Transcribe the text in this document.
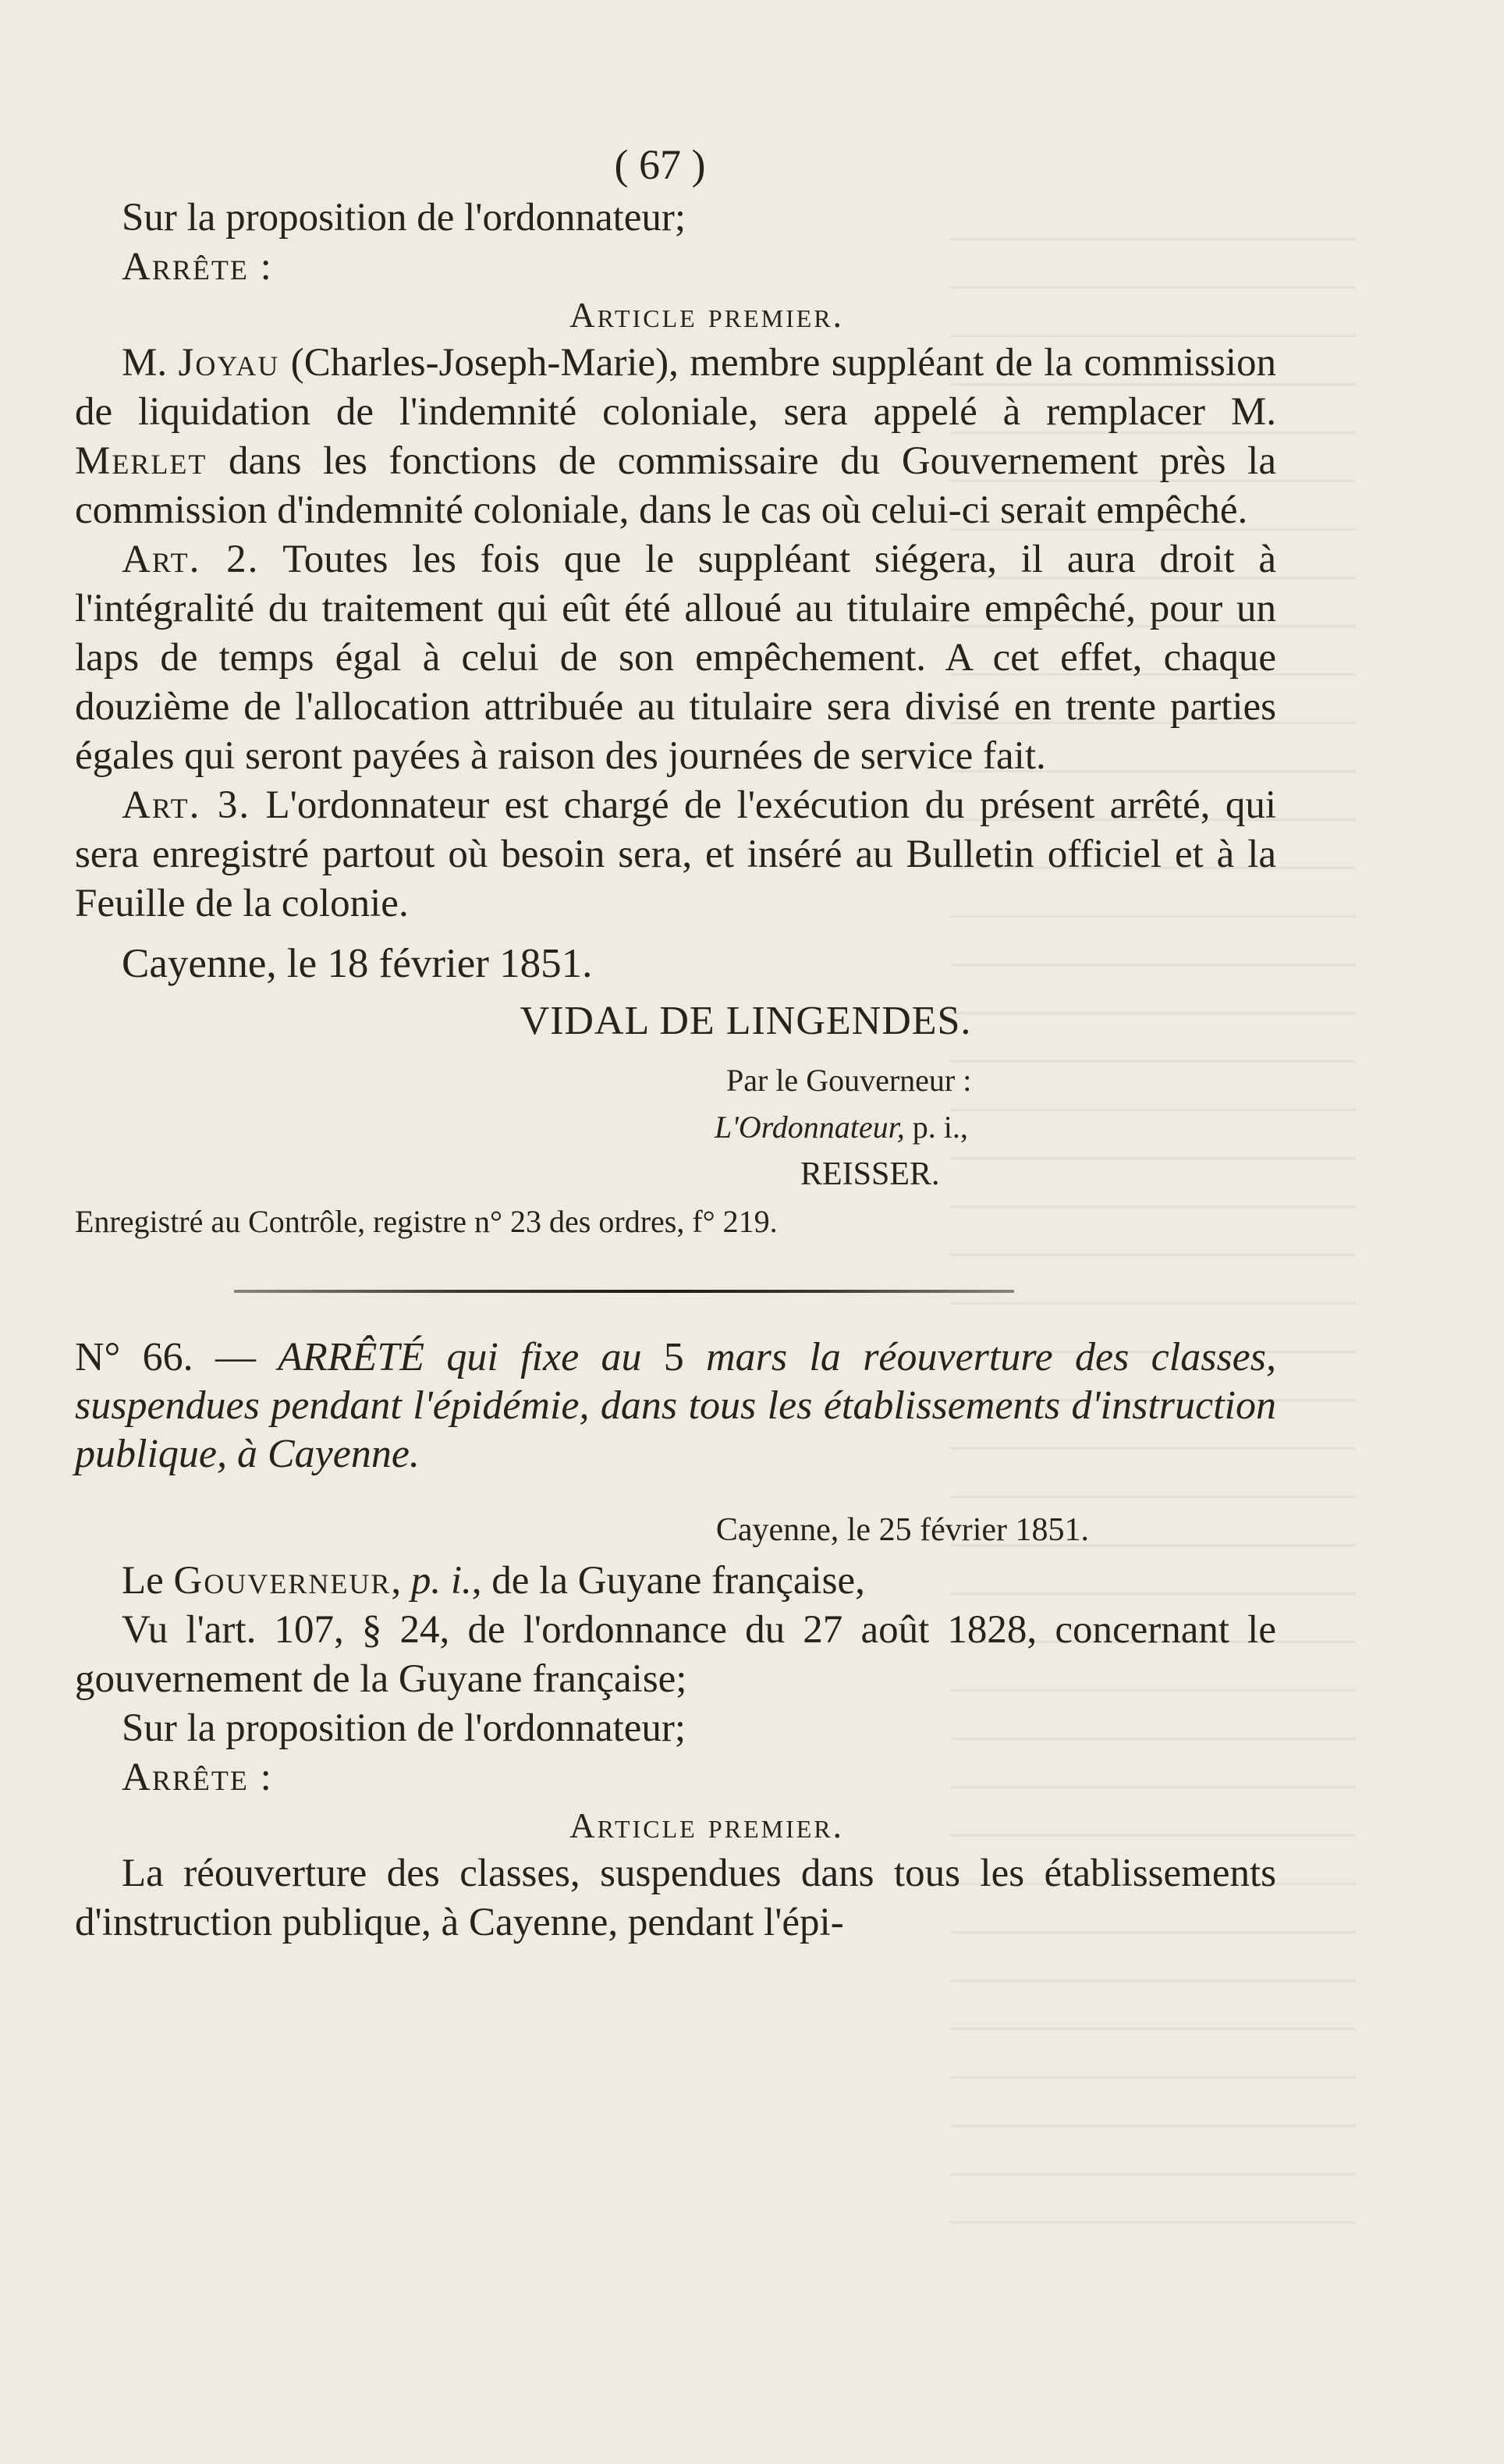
( 67 )

Sur la proposition de l'ordonnateur;

Arrête :

Article premier.

M. Joyau (Charles-Joseph-Marie), membre suppléant de la commission de liquidation de l'indemnité coloniale, sera appelé à remplacer M. Merlet dans les fonctions de commissaire du Gouvernement près la commission d'indemnité coloniale, dans le cas où celui-ci serait empêché.

Art. 2. Toutes les fois que le suppléant siégera, il aura droit à l'intégralité du traitement qui eût été alloué au titulaire empêché, pour un laps de temps égal à celui de son empêchement. A cet effet, chaque douzième de l'allocation attribuée au titulaire sera divisé en trente parties égales qui seront payées à raison des journées de service fait.

Art. 3. L'ordonnateur est chargé de l'exécution du présent arrêté, qui sera enregistré partout où besoin sera, et inséré au Bulletin officiel et à la Feuille de la colonie.

Cayenne, le 18 février 1851.

VIDAL DE LINGENDES.
Par le Gouverneur :
L'Ordonnateur, p. i.,
REISSER.
Enregistré au Contrôle, registre n° 23 des ordres, f° 219.
N° 66. — ARRÊTÉ qui fixe au 5 mars la réouverture des classes, suspendues pendant l'épidémie, dans tous les établissements d'instruction publique, à Cayenne.
Cayenne, le 25 février 1851.

Le Gouverneur, p. i., de la Guyane française,

Vu l'art. 107, § 24, de l'ordonnance du 27 août 1828, concernant le gouvernement de la Guyane française;

Sur la proposition de l'ordonnateur;

Arrête :

Article premier.

La réouverture des classes, suspendues dans tous les établissements d'instruction publique, à Cayenne, pendant l'épi-
